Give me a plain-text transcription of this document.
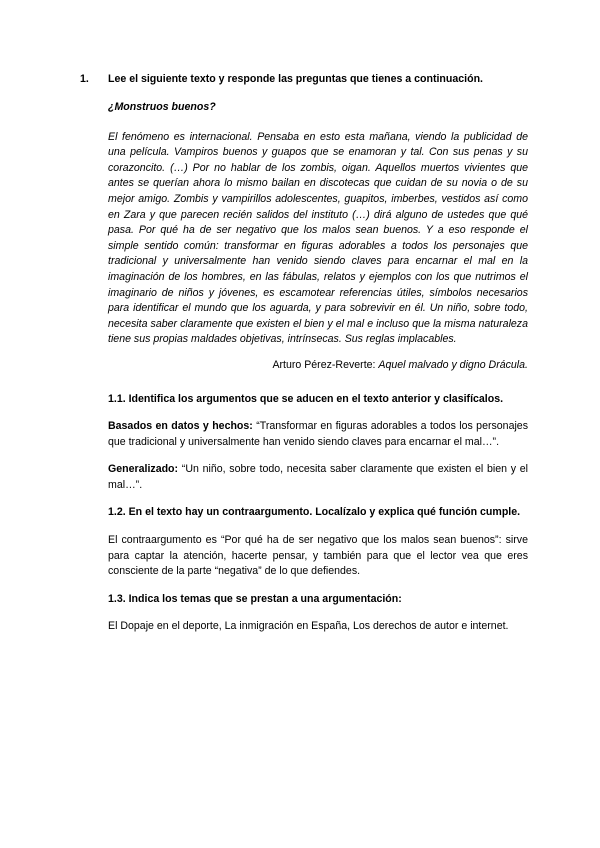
1. Lee el siguiente texto y responde las preguntas que tienes a continuación.
¿Monstruos buenos?
El fenómeno es internacional. Pensaba en esto esta mañana, viendo la publicidad de una película. Vampiros buenos y guapos que se enamoran y tal. Con sus penas y su corazoncito. (…) Por no hablar de los zombis, oigan. Aquellos muertos vivientes que antes se querían ahora lo mismo bailan en discotecas que cuidan de su novia o de su mejor amigo. Zombis y vampirillos adolescentes, guapitos, imberbes, vestidos así como en Zara y que parecen recién salidos del instituto (…) dirá alguno de ustedes que qué pasa. Por qué ha de ser negativo que los malos sean buenos. Y a eso responde el simple sentido común: transformar en figuras adorables a todos los personajes que tradicional y universalmente han venido siendo claves para encarnar el mal en la imaginación de los hombres, en las fábulas, relatos y ejemplos con los que nutrimos el imaginario de niños y jóvenes, es escamotear referencias útiles, símbolos necesarios para identificar el mundo que los aguarda, y para sobrevivir en él. Un niño, sobre todo, necesita saber claramente que existen el bien y el mal e incluso que la misma naturaleza tiene sus propias maldades objetivas, intrínsecas. Sus reglas implacables.
Arturo Pérez-Reverte: Aquel malvado y digno Drácula.
1.1. Identifica los argumentos que se aducen en el texto anterior y clasifícalos.

Basados en datos y hechos: “Transformar en figuras adorables a todos los personajes que tradicional y universalmente han venido siendo claves para encarnar el mal…”.

Generalizado: “Un niño, sobre todo, necesita saber claramente que existen el bien y el mal…”.

1.2. En el texto hay un contraargumento. Localízalo y explica qué función cumple.

El contraargumento es “Por qué ha de ser negativo que los malos sean buenos”: sirve para captar la atención, hacerte pensar, y también para que el lector vea que eres consciente de la parte “negativa” de lo que defiendes.

1.3. Indica los temas que se prestan a una argumentación:

El Dopaje en el deporte, La inmigración en España, Los derechos de autor e internet.
